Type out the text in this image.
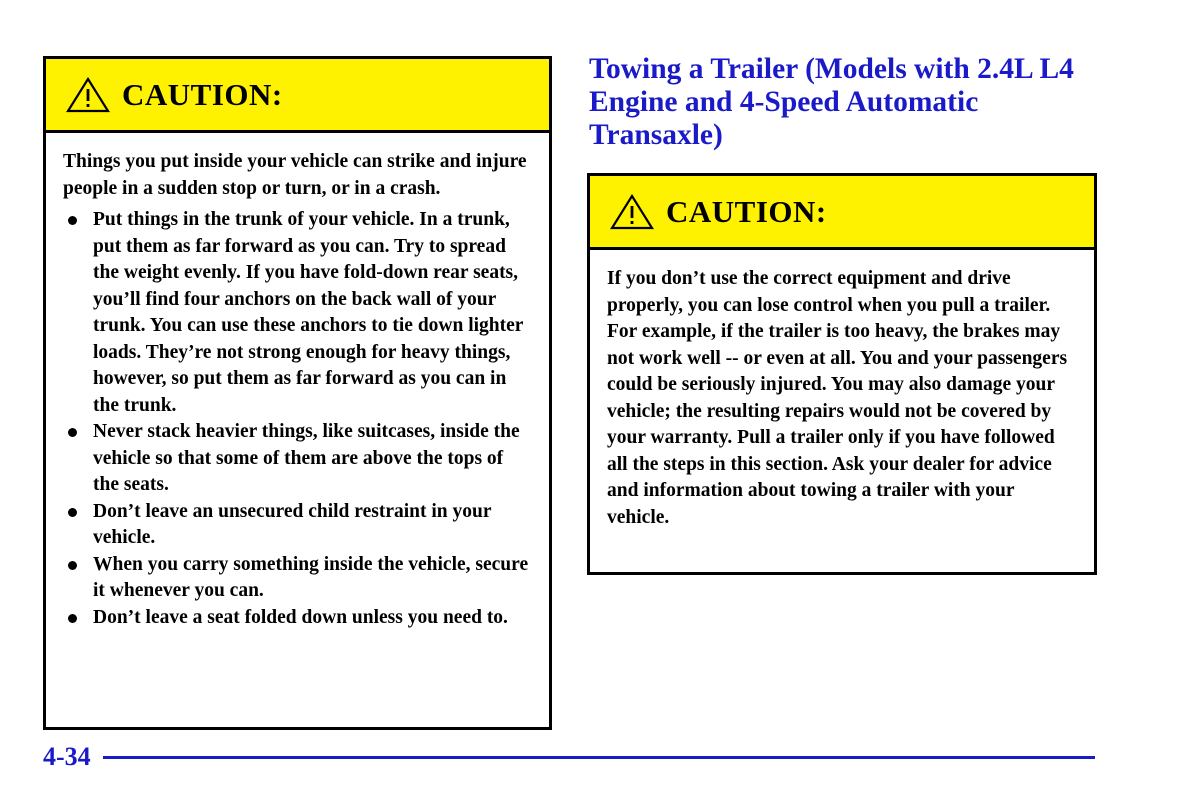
CAUTION:

Things you put inside your vehicle can strike and injure people in a sudden stop or turn, or in a crash.

Put things in the trunk of your vehicle. In a trunk, put them as far forward as you can. Try to spread the weight evenly. If you have fold-down rear seats, you’ll find four anchors on the back wall of your trunk. You can use these anchors to tie down lighter loads. They’re not strong enough for heavy things, however, so put them as far forward as you can in the trunk.
Never stack heavier things, like suitcases, inside the vehicle so that some of them are above the tops of the seats.
Don’t leave an unsecured child restraint in your vehicle.
When you carry something inside the vehicle, secure it whenever you can.
Don’t leave a seat folded down unless you need to.
Towing a Trailer (Models with 2.4L L4 Engine and 4-Speed Automatic Transaxle)
CAUTION:

If you don’t use the correct equipment and drive properly, you can lose control when you pull a trailer. For example, if the trailer is too heavy, the brakes may not work well -- or even at all. You and your passengers could be seriously injured. You may also damage your vehicle; the resulting repairs would not be covered by your warranty. Pull a trailer only if you have followed all the steps in this section. Ask your dealer for advice and information about towing a trailer with your vehicle.

4-34
